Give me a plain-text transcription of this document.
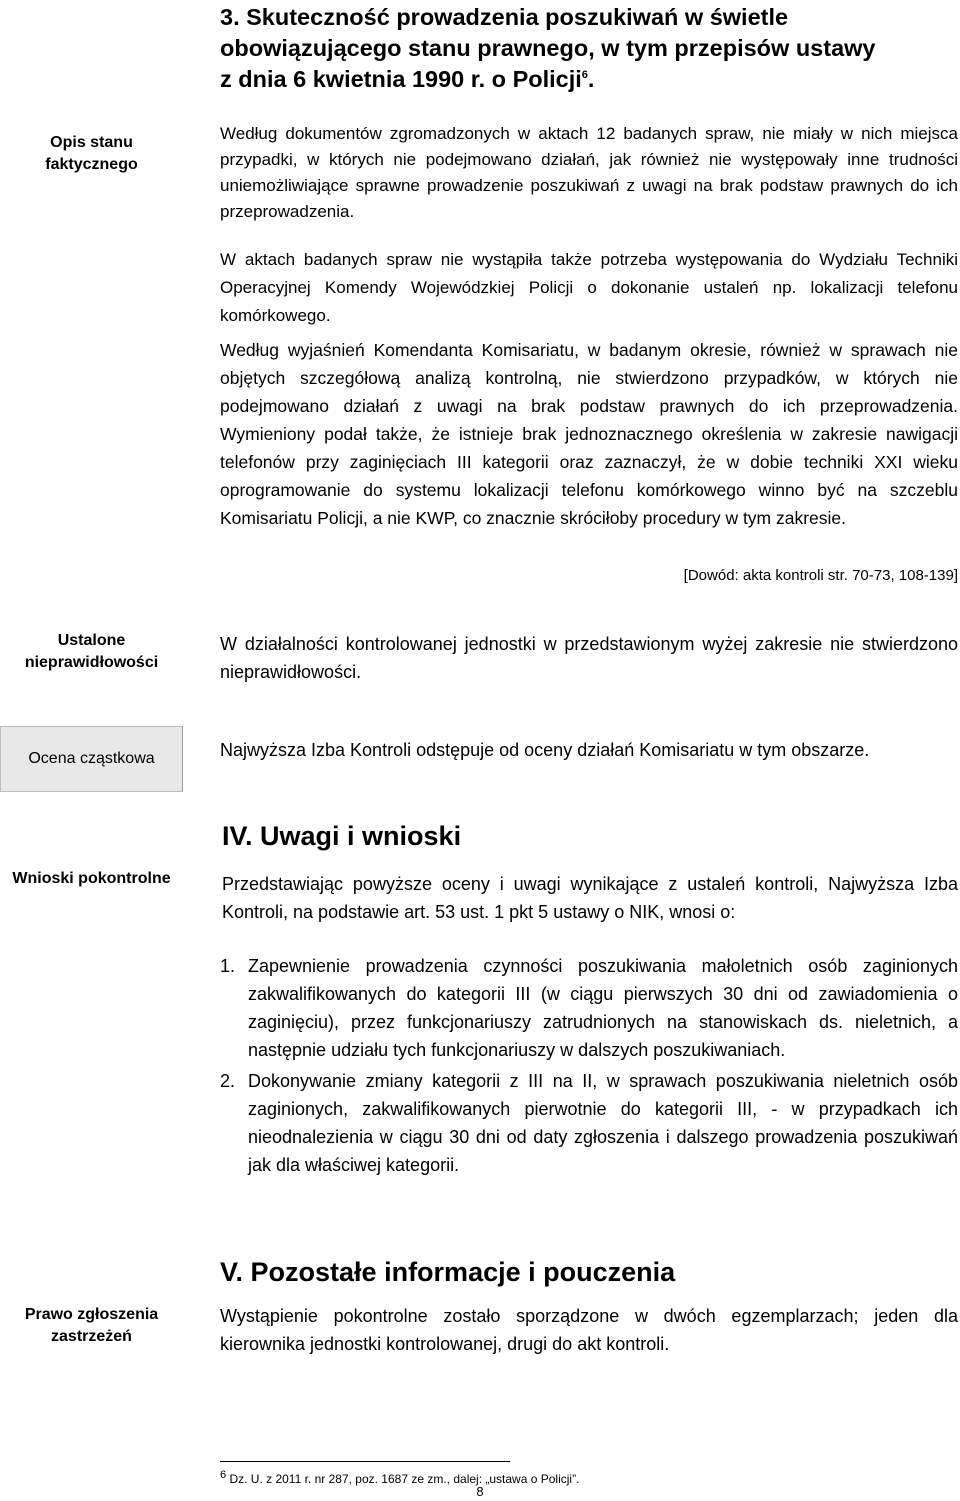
3. Skuteczność prowadzenia poszukiwań w świetle
obowiązującego stanu prawnego, w tym przepisów ustawy
z dnia 6 kwietnia 1990 r. o Policji$^6$.
Opis stanu faktycznego
Według dokumentów zgromadzonych w aktach 12 badanych spraw, nie miały w nich miejsca przypadki, w których nie podejmowano działań, jak również nie występowały inne trudności uniemożliwiające sprawne prowadzenie poszukiwań z uwagi na brak podstaw prawnych do ich przeprowadzenia.
W aktach badanych spraw nie wystąpiła także potrzeba występowania do Wydziału Techniki Operacyjnej Komendy Wojewódzkiej Policji o dokonanie ustaleń np. lokalizacji telefonu komórkowego.
Według wyjaśnień Komendanta Komisariatu, w badanym okresie, również w sprawach nie objętych szczegółową analizą kontrolną, nie stwierdzono przypadków, w których nie podejmowano działań z uwagi na brak podstaw prawnych do ich przeprowadzenia. Wymieniony podał także, że istnieje brak jednoznacznego określenia w zakresie nawigacji telefonów przy zaginięciach III kategorii oraz zaznaczył, że w dobie techniki XXI wieku oprogramowanie do systemu lokalizacji telefonu komórkowego winno być na szczeblu Komisariatu Policji, a nie KWP, co znacznie skróciłoby procedury w tym zakresie.
[Dowód: akta kontroli str. 70-73, 108-139]
Ustalone nieprawidłowości
W działalności kontrolowanej jednostki w przedstawionym wyżej zakresie nie stwierdzono nieprawidłowości.
Ocena cząstkowa	Najwyższa Izba Kontroli odstępuje od oceny działań Komisariatu w tym obszarze.
IV. Uwagi i wnioski
Wnioski pokontrolne	Przedstawiając powyższe oceny i uwagi wynikające z ustaleń kontroli, Najwyższa Izba Kontroli, na podstawie art. 53 ust. 1 pkt 5 ustawy o NIK, wnosi o:
1. Zapewnienie prowadzenia czynności poszukiwania małoletnich osób zaginionych zakwalifikowanych do kategorii III (w ciągu pierwszych 30 dni od zawiadomienia o zaginięciu), przez funkcjonariuszy zatrudnionych na stanowiskach ds. nieletnich, a następnie udziału tych funkcjonariuszy w dalszych poszukiwaniach.
2. Dokonywanie zmiany kategorii z III na II, w sprawach poszukiwania nieletnich osób zaginionych, zakwalifikowanych pierwotnie do kategorii III, - w przypadkach ich nieodnalezienia w ciągu 30 dni od daty zgłoszenia i dalszego prowadzenia poszukiwań jak dla właściwej kategorii.
V. Pozostałe informacje i pouczenia
Prawo zgłoszenia zastrzeżeń
Wystąpienie pokontrolne zostało sporządzone w dwóch egzemplarzach; jeden dla kierownika jednostki kontrolowanej, drugi do akt kontroli.
$^6$ Dz. U. z 2011 r. nr 287, poz. 1687 ze zm., dalej: „ustawa o Policji”.
8
